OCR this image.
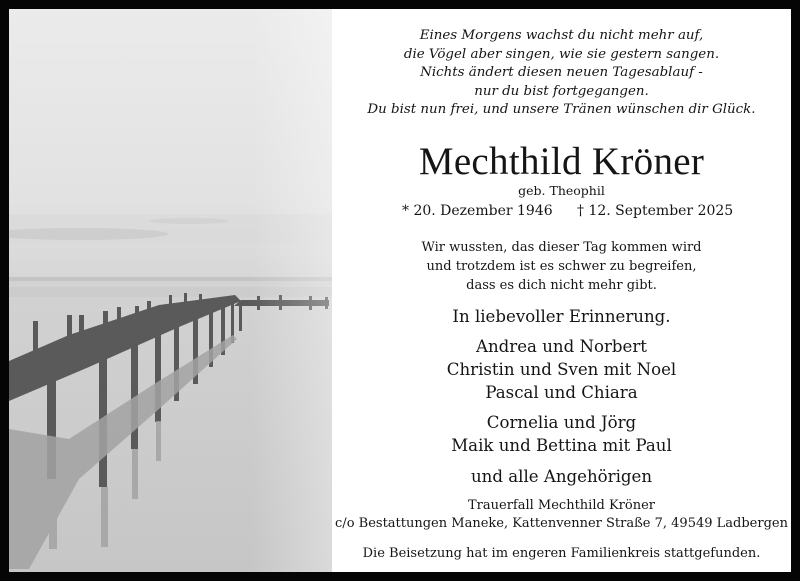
Eines Morgens wachst du nicht mehr auf,
die Vögel aber singen, wie sie gestern sangen.
Nichts ändert diesen neuen Tagesablauf -
nur du bist fortgegangen.
Du bist nun frei, und unsere Tränen wünschen dir Glück.
Mechthild Kröner
geb. Theophil
* 20. Dezember 1946 † 12. September 2025
Wir wussten, das dieser Tag kommen wird
und trotzdem ist es schwer zu begreifen,
dass es dich nicht mehr gibt.
In liebevoller Erinnerung.
Andrea und Norbert
Christin und Sven mit Noel
Pascal und Chiara
Cornelia und Jörg
Maik und Bettina mit Paul
und alle Angehörigen
Trauerfall Mechthild Kröner
c/o Bestattungen Maneke, Kattenvenner Straße 7, 49549 Ladbergen
Die Beisetzung hat im engeren Familienkreis stattgefunden.
